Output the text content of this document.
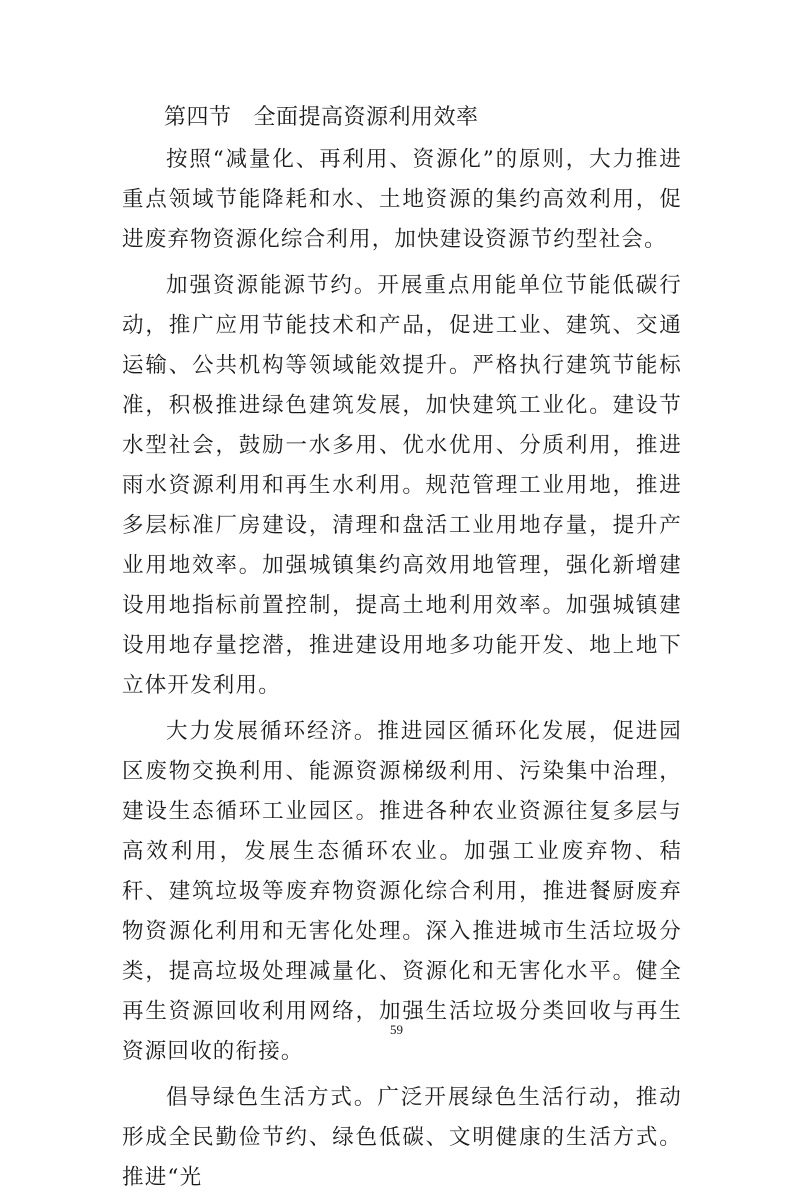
第四节 全面提高资源利用效率

按照“减量化、再利用、资源化”的原则，大力推进重点领域节能降耗和水、土地资源的集约高效利用，促进废弃物资源化综合利用，加快建设资源节约型社会。

加强资源能源节约。开展重点用能单位节能低碳行动，推广应用节能技术和产品，促进工业、建筑、交通运输、公共机构等领域能效提升。严格执行建筑节能标准，积极推进绿色建筑发展，加快建筑工业化。建设节水型社会，鼓励一水多用、优水优用、分质利用，推进雨水资源利用和再生水利用。规范管理工业用地，推进多层标准厂房建设，清理和盘活工业用地存量，提升产业用地效率。加强城镇集约高效用地管理，强化新增建设用地指标前置控制，提高土地利用效率。加强城镇建设用地存量挖潜，推进建设用地多功能开发、地上地下立体开发利用。

大力发展循环经济。推进园区循环化发展，促进园区废物交换利用、能源资源梯级利用、污染集中治理，建设生态循环工业园区。推进各种农业资源往复多层与高效利用，发展生态循环农业。加强工业废弃物、秸秆、建筑垃圾等废弃物资源化综合利用，推进餐厨废弃物资源化利用和无害化处理。深入推进城市生活垃圾分类，提高垃圾处理减量化、资源化和无害化水平。健全再生资源回收利用网络，加强生活垃圾分类回收与再生资源回收的衔接。

倡导绿色生活方式。广泛开展绿色生活行动，推动形成全民勤俭节约、绿色低碳、文明健康的生活方式。推进“光

59
